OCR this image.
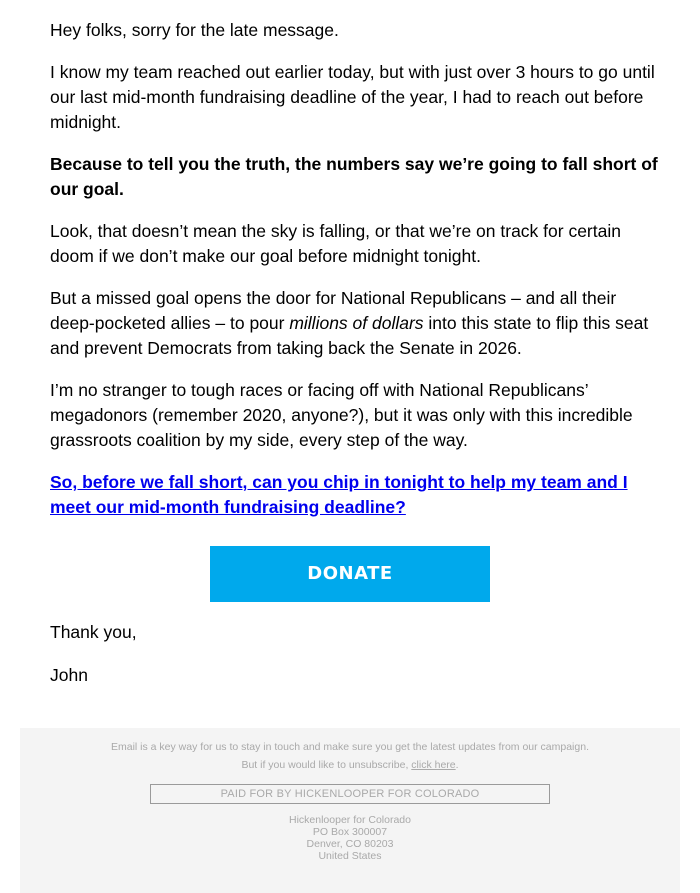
Hey folks, sorry for the late message.

I know my team reached out earlier today, but with just over 3 hours to go until our last mid-month fundraising deadline of the year, I had to reach out before midnight.

Because to tell you the truth, the numbers say we’re going to fall short of our goal.

Look, that doesn’t mean the sky is falling, or that we’re on track for certain doom if we don’t make our goal before midnight tonight.

But a missed goal opens the door for National Republicans – and all their deep-pocketed allies – to pour millions of dollars into this state to flip this seat and prevent Democrats from taking back the Senate in 2026.

I’m no stranger to tough races or facing off with National Republicans’ megadonors (remember 2020, anyone?), but it was only with this incredible grassroots coalition by my side, every step of the way.

So, before we fall short, can you chip in tonight to help my team and I meet our mid-month fundraising deadline?

DONATE
Thank you,
John
Email is a key way for us to stay in touch and make sure you get the latest updates from our campaign.
But if you would like to unsubscribe, click here.
PAID FOR BY HICKENLOOPER FOR COLORADO
Hickenlooper for Colorado
PO Box 300007
Denver, CO 80203
United States
